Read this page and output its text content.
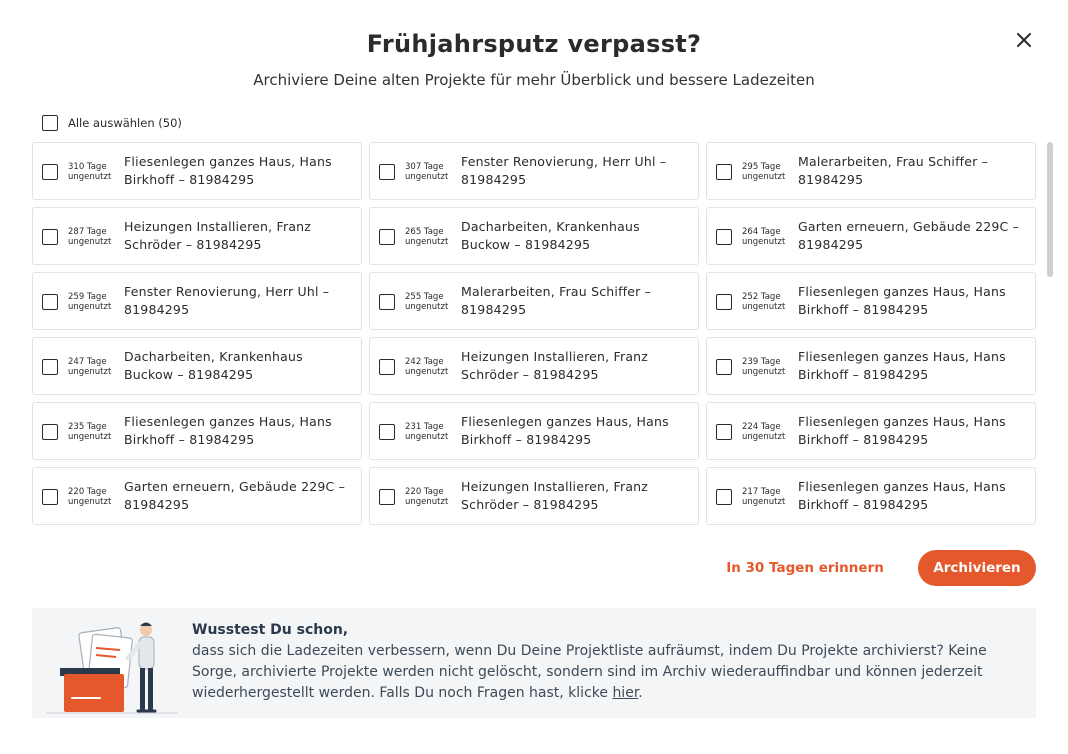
Frühjahrsputz verpasst?
Archiviere Deine alten Projekte für mehr Überblick und bessere Ladezeiten
Alle auswählen (50)
310 Tage
ungenutzt
Fliesenlegen ganzes Haus, Hans Birkhoff – 81984295
307 Tage
ungenutzt
Fenster Renovierung, Herr Uhl – 81984295
295 Tage
ungenutzt
Malerarbeiten, Frau Schiffer – 81984295
287 Tage
ungenutzt
Heizungen Installieren, Franz Schröder – 81984295
265 Tage
ungenutzt
Dacharbeiten, Krankenhaus Buckow – 81984295
264 Tage
ungenutzt
Garten erneuern, Gebäude 229C – 81984295
259 Tage
ungenutzt
Fenster Renovierung, Herr Uhl – 81984295
255 Tage
ungenutzt
Malerarbeiten, Frau Schiffer – 81984295
252 Tage
ungenutzt
Fliesenlegen ganzes Haus, Hans Birkhoff – 81984295
247 Tage
ungenutzt
Dacharbeiten, Krankenhaus Buckow – 81984295
242 Tage
ungenutzt
Heizungen Installieren, Franz Schröder – 81984295
239 Tage
ungenutzt
Fliesenlegen ganzes Haus, Hans Birkhoff – 81984295
235 Tage
ungenutzt
Fliesenlegen ganzes Haus, Hans Birkhoff – 81984295
231 Tage
ungenutzt
Fliesenlegen ganzes Haus, Hans Birkhoff – 81984295
224 Tage
ungenutzt
Fliesenlegen ganzes Haus, Hans Birkhoff – 81984295
220 Tage
ungenutzt
Garten erneuern, Gebäude 229C – 81984295
220 Tage
ungenutzt
Heizungen Installieren, Franz Schröder – 81984295
217 Tage
ungenutzt
Fliesenlegen ganzes Haus, Hans Birkhoff – 81984295
In 30 Tagen erinnern	Archivieren
Wusstest Du schon,
dass sich die Ladezeiten verbessern, wenn Du Deine Projektliste aufräumst, indem Du Projekte archivierst? Keine Sorge, archivierte Projekte werden nicht gelöscht, sondern sind im Archiv wiederauffindbar und können jederzeit wiederhergestellt werden. Falls Du noch Fragen hast, klicke hier.
